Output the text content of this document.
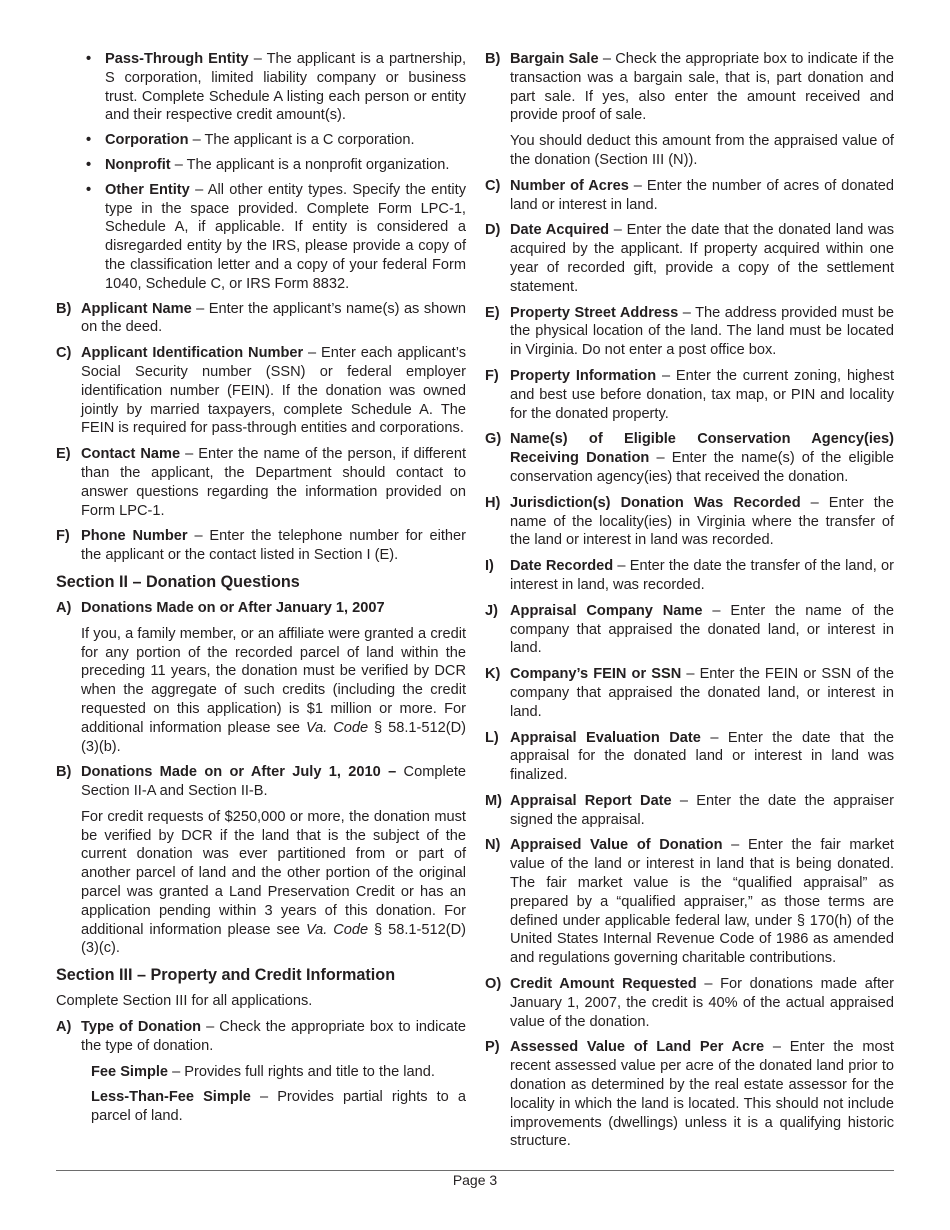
• Pass-Through Entity – The applicant is a partnership, S corporation, limited liability company or business trust. Complete Schedule A listing each person or entity and their respective credit amount(s).

• Corporation – The applicant is a C corporation.

• Nonprofit – The applicant is a nonprofit organization.

• Other Entity – All other entity types. Specify the entity type in the space provided. Complete Form LPC-1, Schedule A, if applicable. If entity is considered a disregarded entity by the IRS, please provide a copy of the classification letter and a copy of your federal Form 1040, Schedule C, or IRS Form 8832.

B) Applicant Name – Enter the applicant’s name(s) as shown on the deed.

C) Applicant Identification Number – Enter each applicant’s Social Security number (SSN) or federal employer identification number (FEIN). If the donation was owned jointly by married taxpayers, complete Schedule A. The FEIN is required for pass-through entities and corporations.

E) Contact Name – Enter the name of the person, if different than the applicant, the Department should contact to answer questions regarding the information provided on Form LPC-1.

F) Phone Number – Enter the telephone number for either the applicant or the contact listed in Section I (E).

Section II – Donation Questions
A) Donations Made on or After January 1, 2007

If you, a family member, or an affiliate were granted a credit for any portion of the recorded parcel of land within the preceding 11 years, the donation must be verified by DCR when the aggregate of such credits (including the credit requested on this application) is $1 million or more. For additional information please see Va. Code § 58.1-512(D)(3)(b).

B) Donations Made on or After July 1, 2010 – Complete Section II-A and Section II-B.

For credit requests of $250,000 or more, the donation must be verified by DCR if the land that is the subject of the current donation was ever partitioned from or part of another parcel of land and the other portion of the original parcel was granted a Land Preservation Credit or has an application pending within 3 years of this donation. For additional information please see Va. Code § 58.1-512(D)(3)(c).

Section III – Property and Credit Information

Complete Section III for all applications.

A) Type of Donation – Check the appropriate box to indicate the type of donation.

Fee Simple – Provides full rights and title to the land.

Less-Than-Fee Simple – Provides partial rights to a parcel of land.

B) Bargain Sale – Check the appropriate box to indicate if the transaction was a bargain sale, that is, part donation and part sale. If yes, also enter the amount received and provide proof of sale.

You should deduct this amount from the appraised value of the donation (Section III (N)).

C) Number of Acres – Enter the number of acres of donated land or interest in land.

D) Date Acquired – Enter the date that the donated land was acquired by the applicant. If property acquired within one year of recorded gift, provide a copy of the settlement statement.

E) Property Street Address – The address provided must be the physical location of the land. The land must be located in Virginia. Do not enter a post office box.

F) Property Information – Enter the current zoning, highest and best use before donation, tax map, or PIN and locality for the donated property.

G) Name(s) of Eligible Conservation Agency(ies) Receiving Donation – Enter the name(s) of the eligible conservation agency(ies) that received the donation.

H) Jurisdiction(s) Donation Was Recorded – Enter the name of the locality(ies) in Virginia where the transfer of the land or interest in land was recorded.

I) Date Recorded – Enter the date the transfer of the land, or interest in land, was recorded.

J) Appraisal Company Name – Enter the name of the company that appraised the donated land, or interest in land.

K) Company’s FEIN or SSN – Enter the FEIN or SSN of the company that appraised the donated land, or interest in land.

L) Appraisal Evaluation Date – Enter the date that the appraisal for the donated land or interest in land was finalized.

M) Appraisal Report Date – Enter the date the appraiser signed the appraisal.

N) Appraised Value of Donation – Enter the fair market value of the land or interest in land that is being donated. The fair market value is the “qualified appraisal” as prepared by a “qualified appraiser,” as those terms are defined under applicable federal law, under § 170(h) of the United States Internal Revenue Code of 1986 as amended and regulations governing charitable contributions.

O) Credit Amount Requested – For donations made after January 1, 2007, the credit is 40% of the actual appraised value of the donation.

P) Assessed Value of Land Per Acre – Enter the most recent assessed value per acre of the donated land prior to donation as determined by the real estate assessor for the locality in which the land is located. This should not include improvements (dwellings) unless it is a qualifying historic structure.

Page 3
